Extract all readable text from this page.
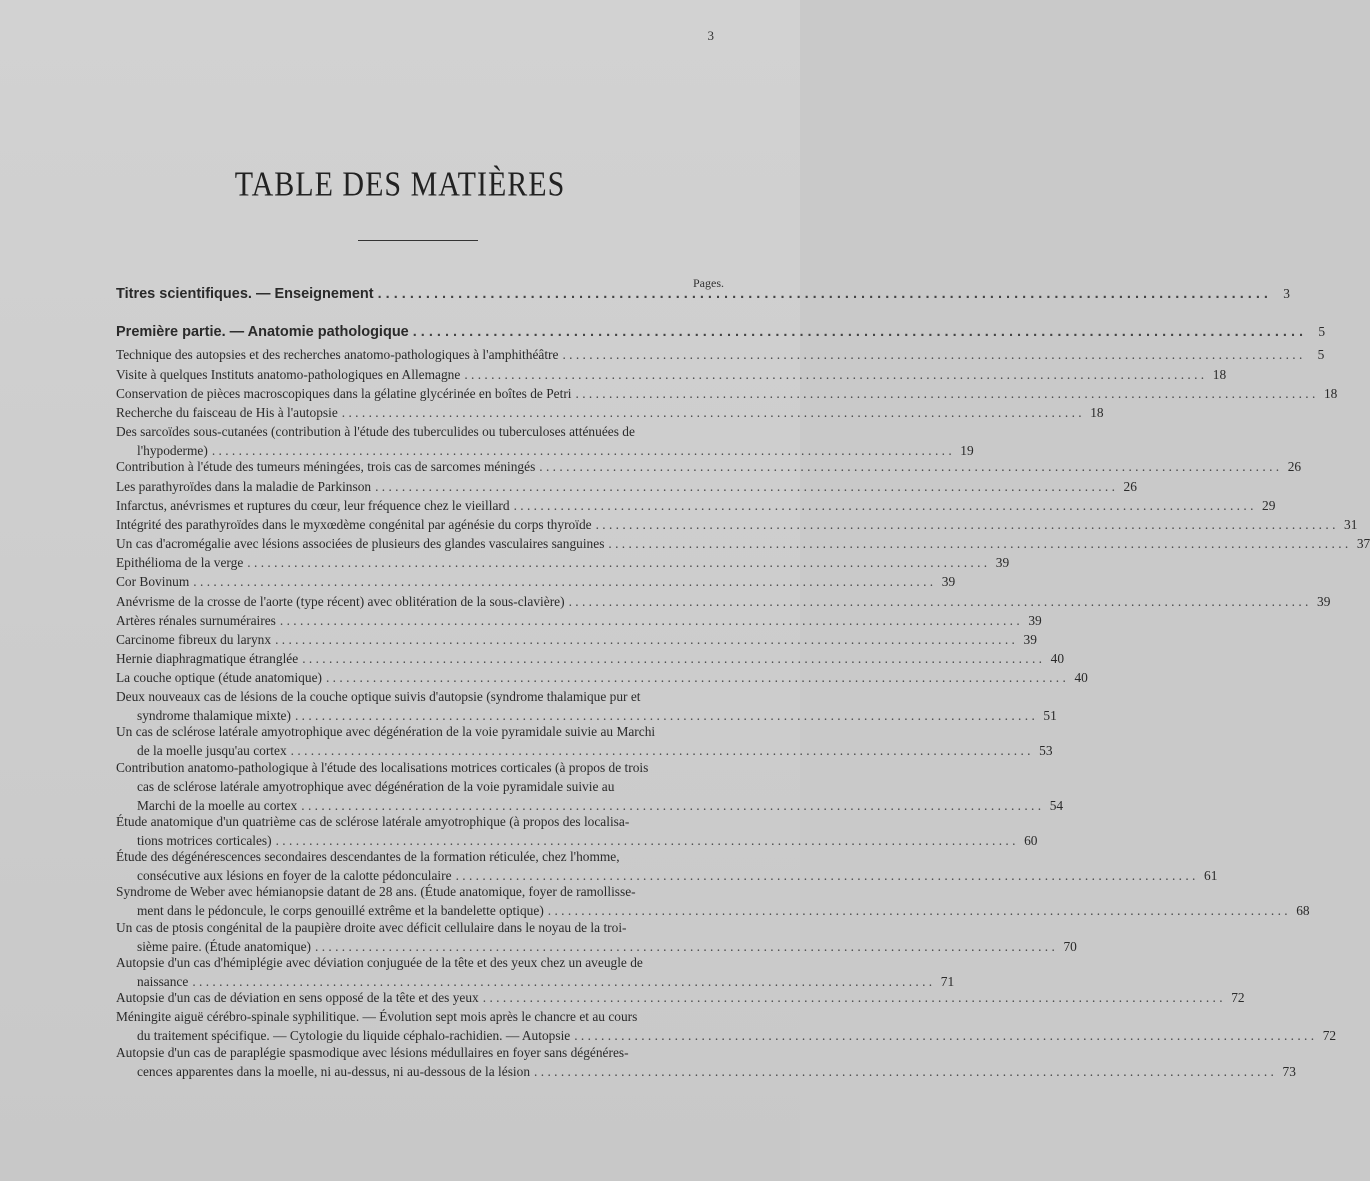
3
TABLE DES MATIÈRES
Pages.
Titres scientifiques. — Enseignement . . .	3
Première partie. — Anatomie pathologique . . .	5
Technique des autopsies et des recherches anatomo-pathologiques à l'amphithéâtre . . .	5
Visite à quelques Instituts anatomo-pathologiques en Allemagne . . .	18
Conservation de pièces macroscopiques dans la gélatine glycérinée en boîtes de Petri . . .	18
Recherche du faisceau de His à l'autopsie . . .	18
Des sarcoïdes sous-cutanées (contribution à l'étude des tuberculides ou tuberculoses atténuées de
l'hypoderme) . . .	19
Contribution à l'étude des tumeurs méningées, trois cas de sarcomes méningés . . .	26
Les parathyroïdes dans la maladie de Parkinson . . .	26
Infarctus, anévrismes et ruptures du cœur, leur fréquence chez le vieillard . . .	29
Intégrité des parathyroïdes dans le myxœdème congénital par agénésie du corps thyroïde . . .	31
Un cas d'acromégalie avec lésions associées de plusieurs des glandes vasculaires sanguines . . .	37
Epithélioma de la verge . . .	39
Cor Bovinum . . .	39
Anévrisme de la crosse de l'aorte (type récent) avec oblitération de la sous-clavière) . . .	39
Artères rénales surnuméraires . . .	39
Carcinome fibreux du larynx . . .	39
Hernie diaphragmatique étranglée . . .	40
La couche optique (étude anatomique) . . .	40
Deux nouveaux cas de lésions de la couche optique suivis d'autopsie (syndrome thalamique pur et
syndrome thalamique mixte) . . .	51
Un cas de sclérose latérale amyotrophique avec dégénération de la voie pyramidale suivie au Marchi
de la moelle jusqu'au cortex . . .	53
Contribution anatomo-pathologique à l'étude des localisations motrices corticales (à propos de trois
cas de sclérose latérale amyotrophique avec dégénération de la voie pyramidale suivie au
Marchi de la moelle au cortex . . .	54
Étude anatomique d'un quatrième cas de sclérose latérale amyotrophique (à propos des localisa-
tions motrices corticales) . . .	60
Étude des dégénérescences secondaires descendantes de la formation réticulée, chez l'homme,
consécutive aux lésions en foyer de la calotte pédonculaire . . .	61
Syndrome de Weber avec hémianopsie datant de 28 ans. (Étude anatomique, foyer de ramollisse-
ment dans le pédoncule, le corps genouillé extrême et la bandelette optique) . . .	68
Un cas de ptosis congénital de la paupière droite avec déficit cellulaire dans le noyau de la troi-
sième paire. (Étude anatomique) . . .	70
Autopsie d'un cas d'hémiplégie avec déviation conjuguée de la tête et des yeux chez un aveugle de
naissance . . .	71
Autopsie d'un cas de déviation en sens opposé de la tête et des yeux . . .	72
Méningite aiguë cérébro-spinale syphilitique. — Évolution sept mois après le chancre et au cours
du traitement spécifique. — Cytologie du liquide céphalo-rachidien. — Autopsie . . .	72
Autopsie d'un cas de paraplégie spasmodique avec lésions médullaires en foyer sans dégénéres-
cences apparentes dans la moelle, ni au-dessus, ni au-dessous de la lésion . . .	73
